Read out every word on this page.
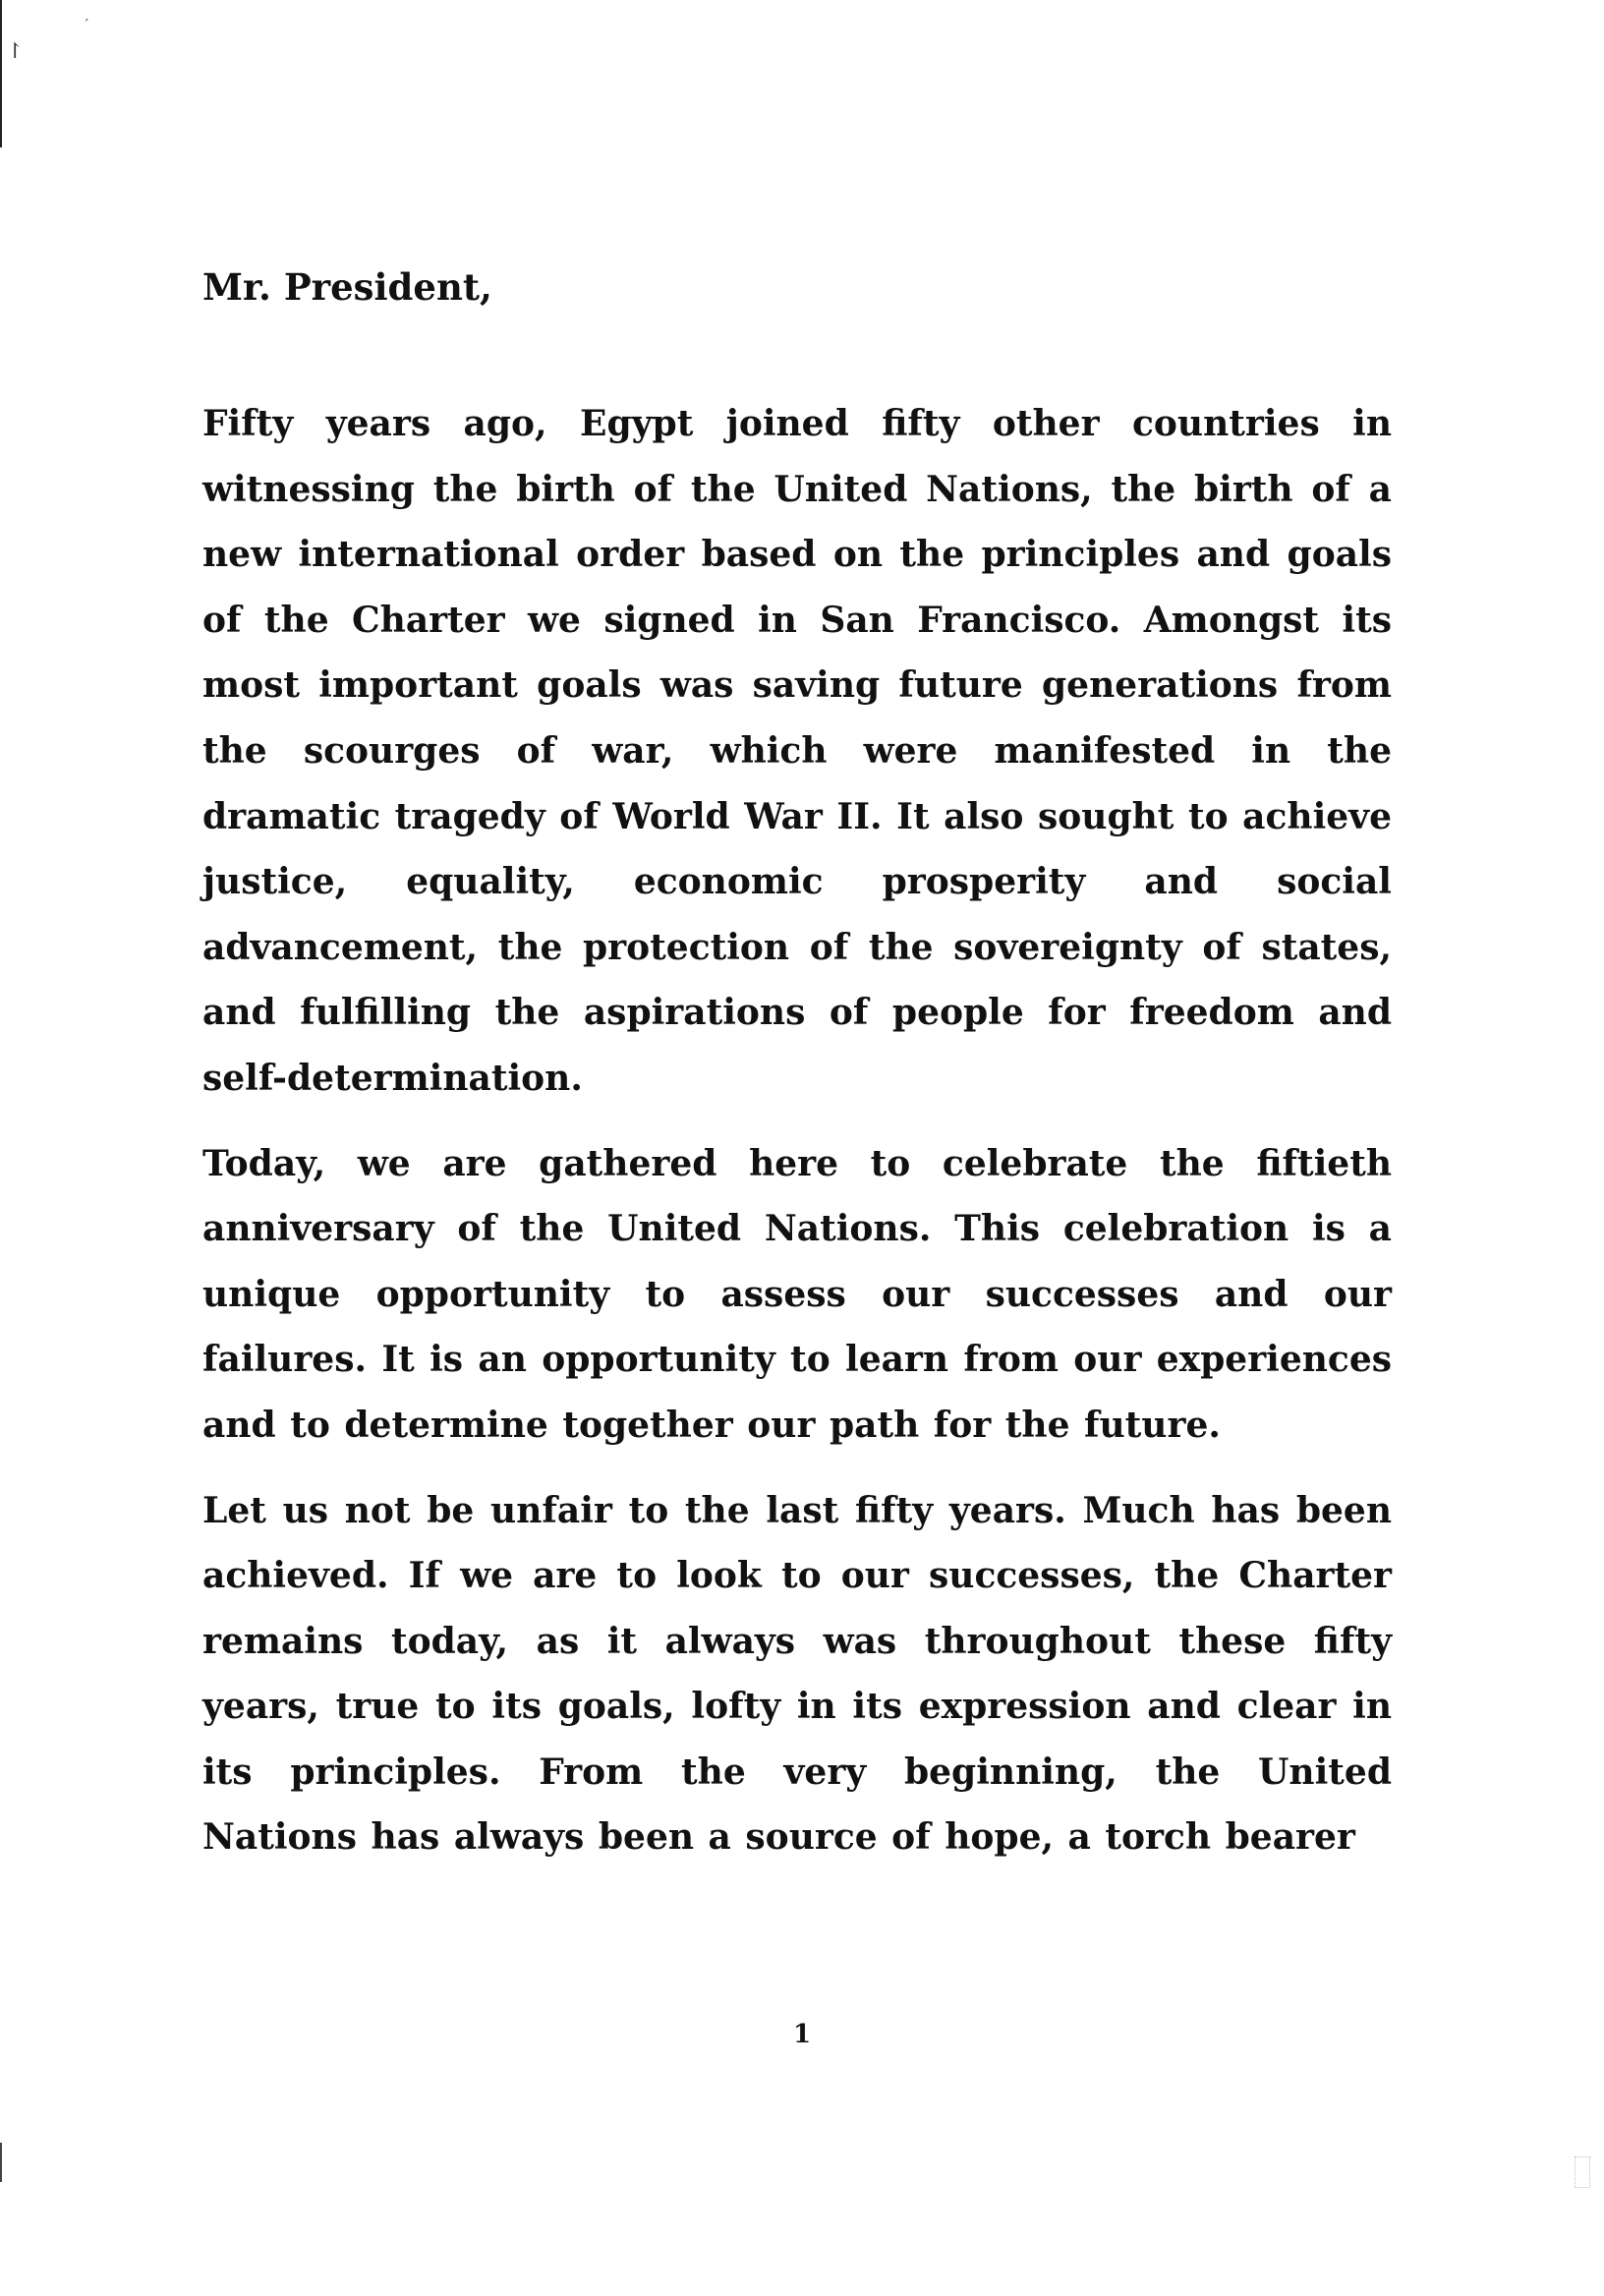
↾
ˊ

Mr. President,

Fifty years ago, Egypt joined fifty other countries in witnessing the birth of the United Nations, the birth of a new international order based on the principles and goals of the Charter we signed in San Francisco. Amongst its most important goals was saving future generations from the scourges of war, which were manifested in the dramatic tragedy of World War II. It also sought to achieve justice, equality, economic prosperity and social advancement, the protection of the sovereignty of states, and fulfilling the aspirations of people for freedom and self-determination.

Today, we are gathered here to celebrate the fiftieth anniversary of the United Nations. This celebration is a unique opportunity to assess our successes and our failures. It is an opportunity to learn from our experiences and to determine together our path for the future.

Let us not be unfair to the last fifty years. Much has been achieved. If we are to look to our successes, the Charter remains today, as it always was throughout these fifty years, true to its goals, lofty in its expression and clear in its principles. From the very beginning, the United Nations has always been a source of hope, a torch bearer

1
